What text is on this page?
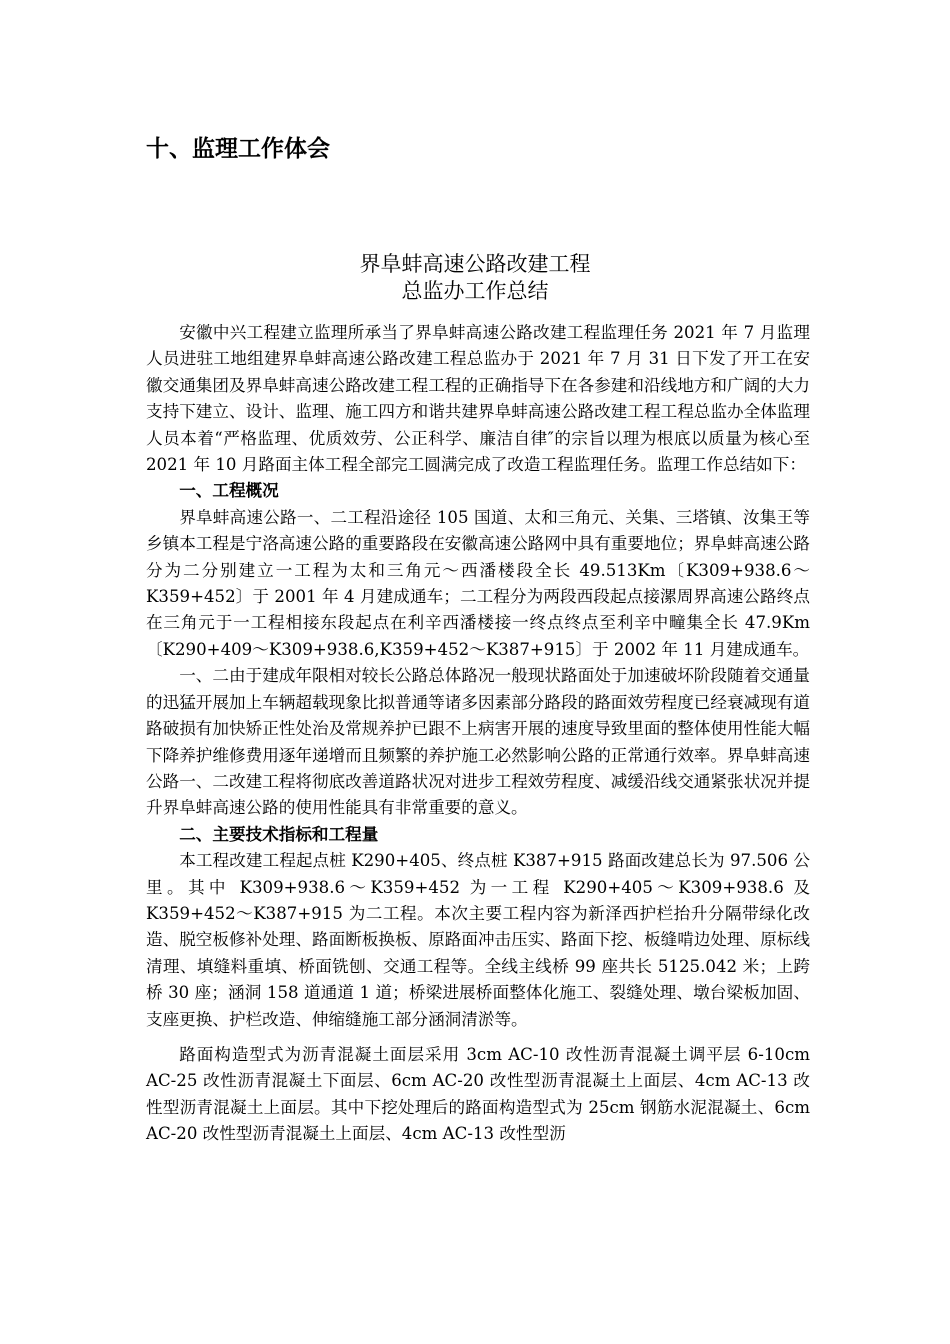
十、监理工作体会
界阜蚌高速公路改建工程
总监办工作总结

安徽中兴工程建立监理所承当了界阜蚌高速公路改建工程监理任务 2021 年 7 月监理人员进驻工地组建界阜蚌高速公路改建工程总监办于 2021 年 7 月 31 日下发了开工在安徽交通集团及界阜蚌高速公路改建工程工程的正确指导下在各参建和沿线地方和广阔的大力支持下建立、设计、监理、施工四方和谐共建界阜蚌高速公路改建工程工程总监办全体监理人员本着“严格监理、优质效劳、公正科学、廉洁自律″的宗旨以理为根底以质量为核心至 2021 年 10 月路面主体工程全部完工圆满完成了改造工程监理任务。监理工作总结如下：

一、工程概况

界阜蚌高速公路一、二工程沿途径 105 国道、太和三角元、关集、三塔镇、汝集王等乡镇本工程是宁洛高速公路的重要路段在安徽高速公路网中具有重要地位；界阜蚌高速公路分为二分别建立一工程为太和三角元～西潘楼段全长 49.513Km〔K309+938.6～K359+452〕于 2001 年 4 月建成通车；二工程分为两段西段起点接漯周界高速公路终点在三角元于一工程相接东段起点在利辛西潘楼接一终点终点至利辛中疃集全长 47.9Km〔K290+409～K309+938.6,K359+452～K387+915〕于 2002 年 11 月建成通车。

一、二由于建成年限相对较长公路总体路况一般现状路面处于加速破坏阶段随着交通量的迅猛开展加上车辆超载现象比拟普通等诸多因素部分路段的路面效劳程度已经衰减现有道路破损有加快矫正性处治及常规养护已跟不上病害开展的速度导致里面的整体使用性能大幅下降养护维修费用逐年递增而且频繁的养护施工必然影响公路的正常通行效率。界阜蚌高速公路一、二改建工程将彻底改善道路状况对进步工程效劳程度、减缓沿线交通紧张状况并提升界阜蚌高速公路的使用性能具有非常重要的意义。

二、主要技术指标和工程量

本工程改建工程起点桩 K290+405、终点桩 K387+915 路面改建总长为 97.506 公里。其中 K309+938.6～K359+452 为一工程 K290+405～K309+938.6 及 K359+452～K387+915 为二工程。本次主要工程内容为新泽西护栏抬升分隔带绿化改造、脱空板修补处理、路面断板换板、原路面冲击压实、路面下挖、板缝啃边处理、原标线清理、填缝料重填、桥面铣刨、交通工程等。全线主线桥 99 座共长 5125.042 米；上跨桥 30 座；涵洞 158 道通道 1 道；桥梁进展桥面整体化施工、裂缝处理、墩台梁板加固、支座更换、护栏改造、伸缩缝施工部分涵洞清淤等。

路面构造型式为沥青混凝土面层采用 3cm AC-10 改性沥青混凝土调平层 6-10cm AC-25 改性沥青混凝土下面层、6cm AC-20 改性型沥青混凝土上面层、4cm AC-13 改性型沥青混凝土上面层。其中下挖处理后的路面构造型式为 25cm 钢筋水泥混凝土、6cm AC-20 改性型沥青混凝土上面层、4cm AC-13 改性型沥
